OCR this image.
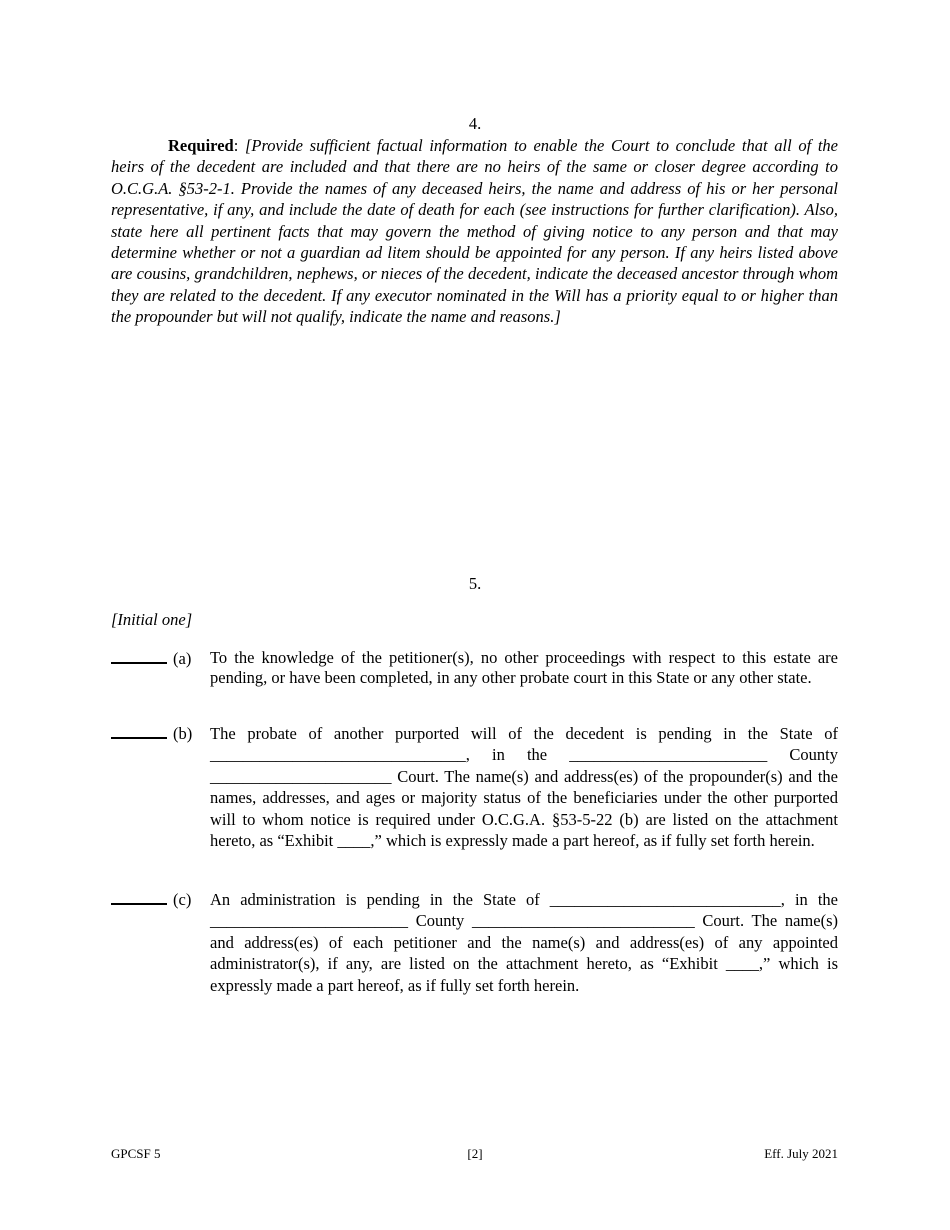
4.
Required: [Provide sufficient factual information to enable the Court to conclude that all of the heirs of the decedent are included and that there are no heirs of the same or closer degree according to O.C.G.A. §53-2-1. Provide the names of any deceased heirs, the name and address of his or her personal representative, if any, and include the date of death for each (see instructions for further clarification). Also, state here all pertinent facts that may govern the method of giving notice to any person and that may determine whether or not a guardian ad litem should be appointed for any person. If any heirs listed above are cousins, grandchildren, nephews, or nieces of the decedent, indicate the deceased ancestor through whom they are related to the decedent. If any executor nominated in the Will has a priority equal to or higher than the propounder but will not qualify, indicate the name and reasons.]
5.
[Initial one]
(a) To the knowledge of the petitioner(s), no other proceedings with respect to this estate are pending, or have been completed, in any other probate court in this State or any other state.
(b) The probate of another purported will of the decedent is pending in the State of _______________________________, in the ________________________ County ______________________ Court. The name(s) and address(es) of the propounder(s) and the names, addresses, and ages or majority status of the beneficiaries under the other purported will to whom notice is required under O.C.G.A. §53-5-22 (b) are listed on the attachment hereto, as “Exhibit ____,” which is expressly made a part hereof, as if fully set forth herein.
(c) An administration is pending in the State of ____________________________, in the ________________________ County ___________________________ Court. The name(s) and address(es) of each petitioner and the name(s) and address(es) of any appointed administrator(s), if any, are listed on the attachment hereto, as “Exhibit ____,” which is expressly made a part hereof, as if fully set forth herein.
GPCSF 5	[2]	Eff. July 2021
